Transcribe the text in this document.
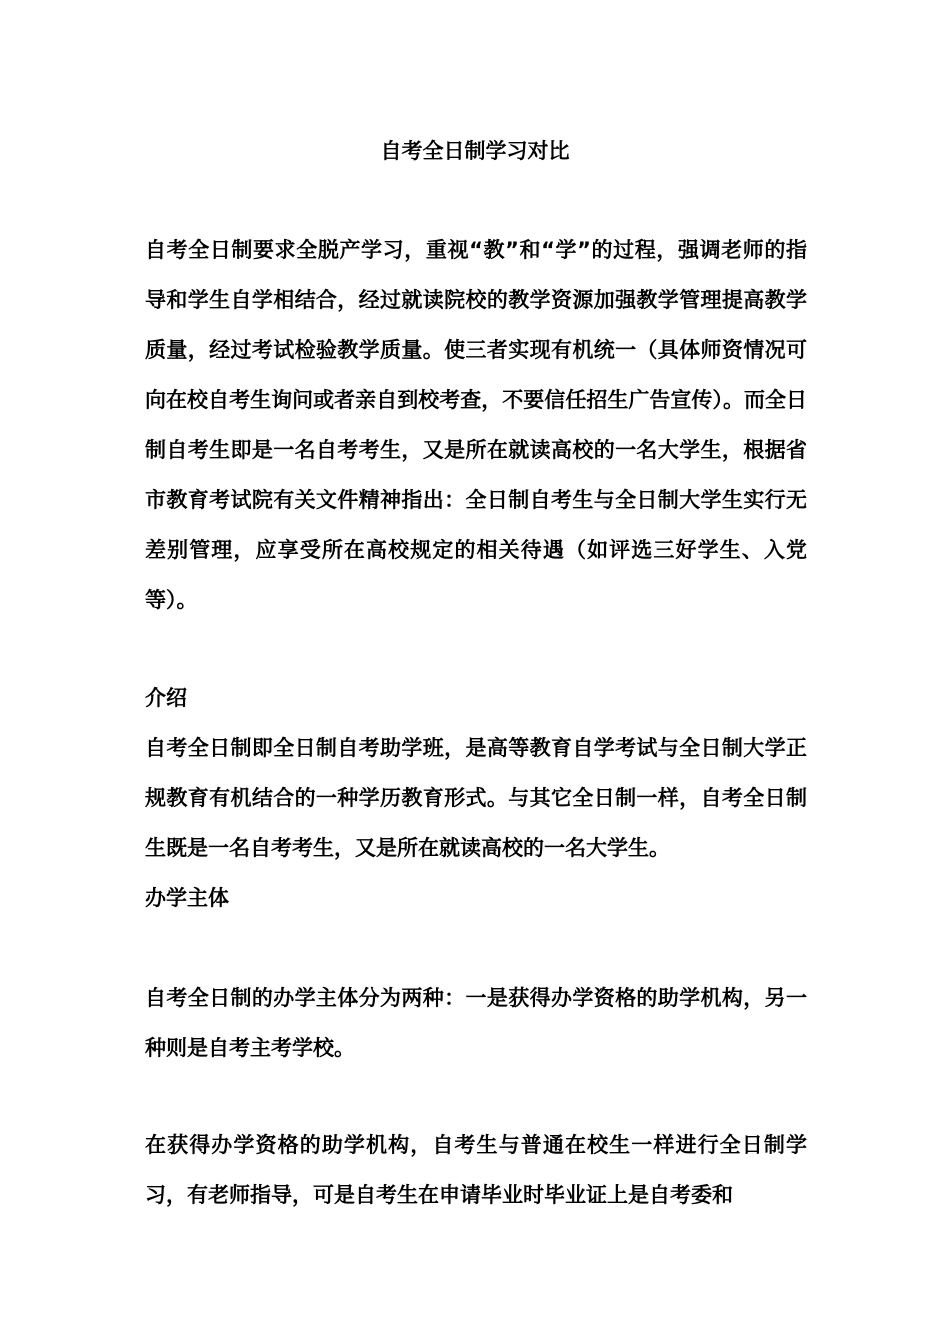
自考全日制学习对比

自考全日制要求全脱产学习，重视“教”和“学”的过程，强调老师的指导和学生自学相结合，经过就读院校的教学资源加强教学管理提高教学质量，经过考试检验教学质量。使三者实现有机统一（具体师资情况可向在校自考生询问或者亲自到校考查，不要信任招生广告宣传）。而全日制自考生即是一名自考考生，又是所在就读高校的一名大学生，根据省市教育考试院有关文件精神指出：全日制自考生与全日制大学生实行无差别管理，应享受所在高校规定的相关待遇（如评选三好学生、入党等）。

介绍

自考全日制即全日制自考助学班，是高等教育自学考试与全日制大学正规教育有机结合的一种学历教育形式。与其它全日制一样，自考全日制生既是一名自考考生，又是所在就读高校的一名大学生。

办学主体

自考全日制的办学主体分为两种：一是获得办学资格的助学机构，另一种则是自考主考学校。

在获得办学资格的助学机构，自考生与普通在校生一样进行全日制学习，有老师指导，可是自考生在申请毕业时毕业证上是自考委和
